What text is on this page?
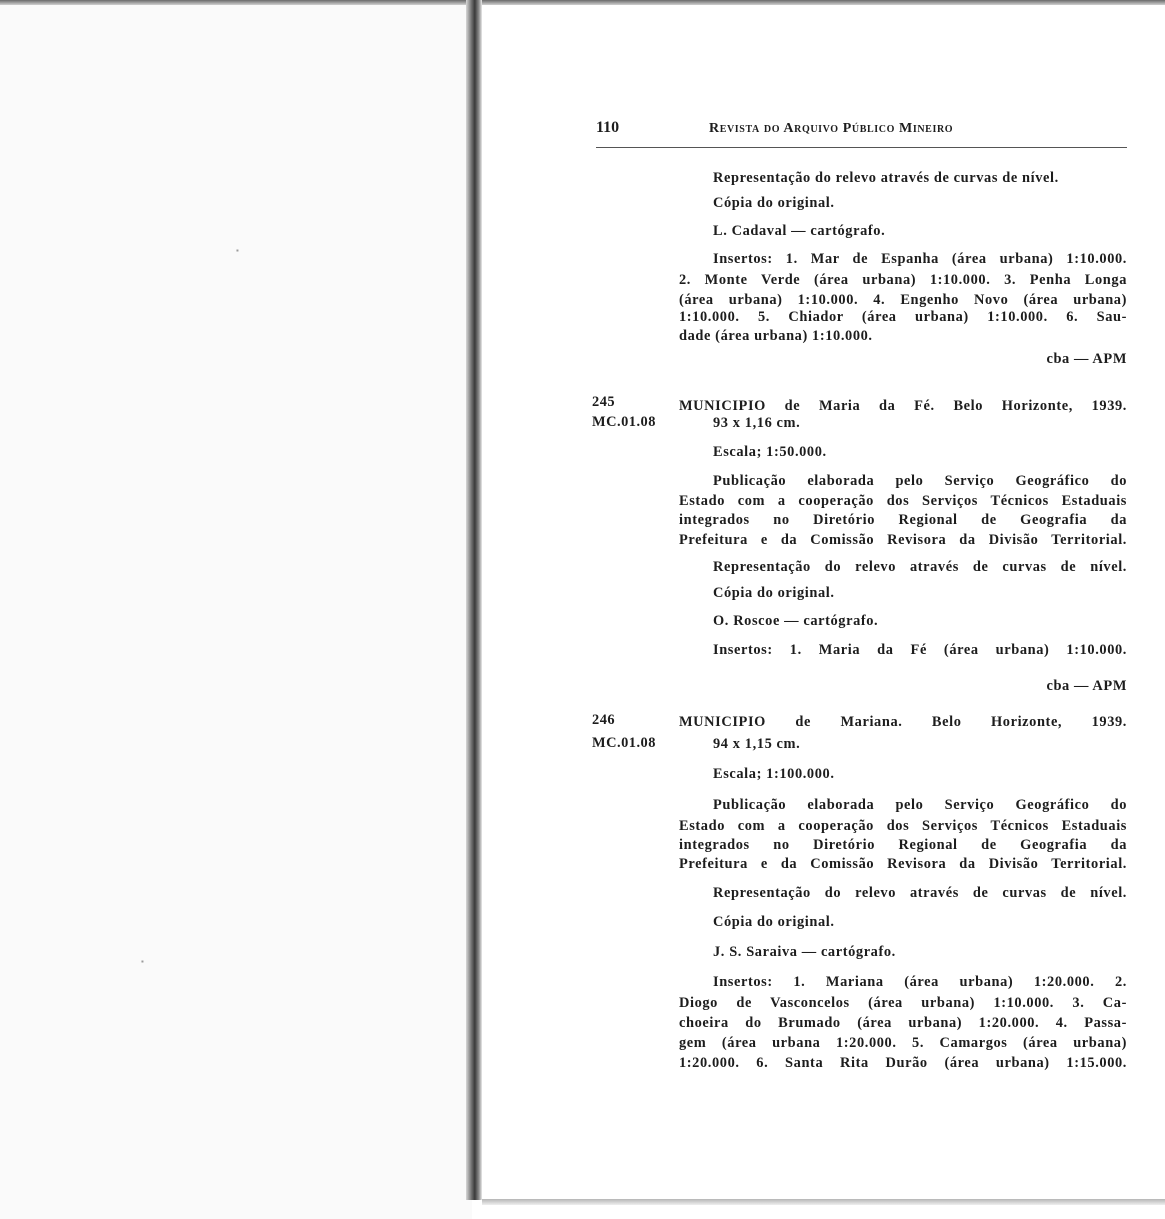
▪
▪
110	Revista do Arquivo Público Mineiro
Representação do relevo através de curvas de nível.
Cópia do original.
L. Cadaval — cartógrafo.
Insertos: 1. Mar de Espanha (área urbana) 1:10.000.
2. Monte Verde (área urbana) 1:10.000. 3. Penha Longa
(área urbana) 1:10.000. 4. Engenho Novo (área urbana)
1:10.000. 5. Chiador (área urbana) 1:10.000. 6. Sau-
dade (área urbana) 1:10.000.
cba — APM
245
MC.01.08
MUNICIPIO de Maria da Fé. Belo Horizonte, 1939.
93 x 1,16 cm.
Escala; 1:50.000.
Publicação elaborada pelo Serviço Geográfico do
Estado com a cooperação dos Serviços Técnicos Estaduais
integrados no Diretório Regional de Geografia da
Prefeitura e da Comissão Revisora da Divisão Territorial.
Representação do relevo através de curvas de nível.
Cópia do original.
O. Roscoe — cartógrafo.
Insertos: 1. Maria da Fé (área urbana) 1:10.000.
cba — APM
246
MC.01.08
MUNICIPIO de Mariana. Belo Horizonte, 1939.
94 x 1,15 cm.
Escala; 1:100.000.
Publicação elaborada pelo Serviço Geográfico do
Estado com a cooperação dos Serviços Técnicos Estaduais
integrados no Diretório Regional de Geografia da
Prefeitura e da Comissão Revisora da Divisão Territorial.
Representação do relevo através de curvas de nível.
Cópia do original.
J. S. Saraiva — cartógrafo.
Insertos: 1. Mariana (área urbana) 1:20.000. 2.
Diogo de Vasconcelos (área urbana) 1:10.000. 3. Ca-
choeira do Brumado (área urbana) 1:20.000. 4. Passa-
gem (área urbana 1:20.000. 5. Camargos (área urbana)
1:20.000. 6. Santa Rita Durão (área urbana) 1:15.000.
